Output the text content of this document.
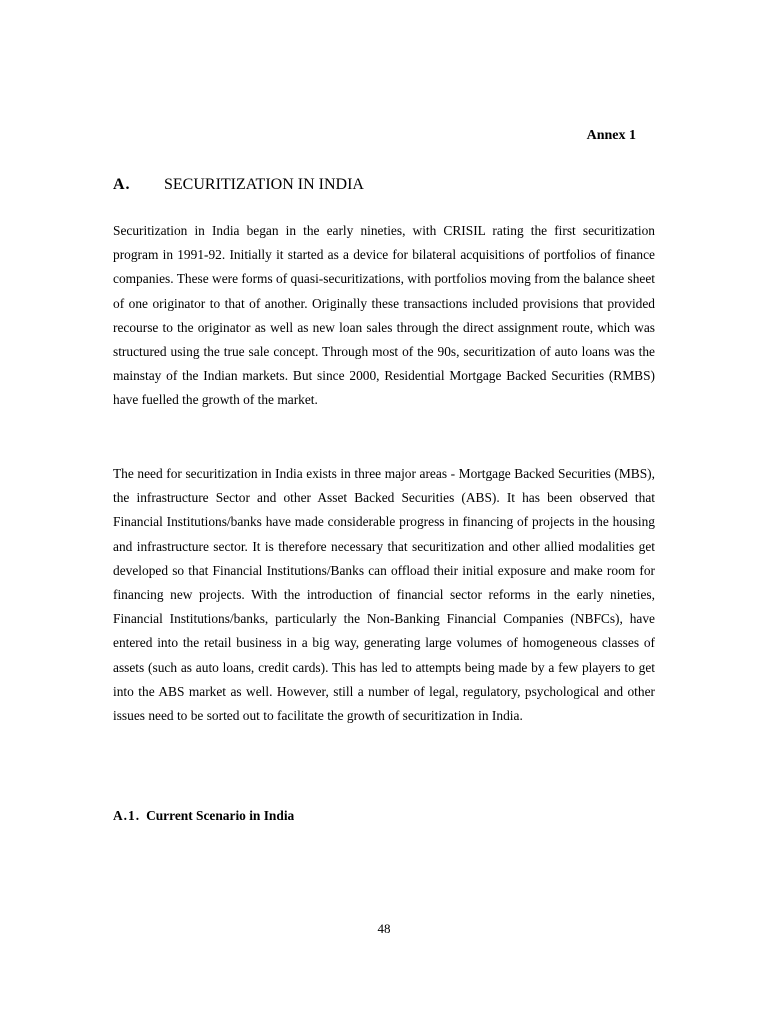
Annex 1

A.	SECURITIZATION IN INDIA

Securitization in India began in the early nineties, with CRISIL rating the first securitization program in 1991-92. Initially it started as a device for bilateral acquisitions of portfolios of finance companies. These were forms of quasi-securitizations, with portfolios moving from the balance sheet of one originator to that of another. Originally these transactions included provisions that provided recourse to the originator as well as new loan sales through the direct assignment route, which was structured using the true sale concept. Through most of the 90s, securitization of auto loans was the mainstay of the Indian markets. But since 2000, Residential Mortgage Backed Securities (RMBS) have fuelled the growth of the market.

The need for securitization in India exists in three major areas - Mortgage Backed Securities (MBS), the infrastructure Sector and other Asset Backed Securities (ABS). It has been observed that Financial Institutions/banks have made considerable progress in financing of projects in the housing and infrastructure sector. It is therefore necessary that securitization and other allied modalities get developed so that Financial Institutions/Banks can offload their initial exposure and make room for financing new projects. With the introduction of financial sector reforms in the early nineties, Financial Institutions/banks, particularly the Non-Banking Financial Companies (NBFCs), have entered into the retail business in a big way, generating large volumes of homogeneous classes of assets (such as auto loans, credit cards). This has led to attempts being made by a few players to get into the ABS market as well. However, still a number of legal, regulatory, psychological and other issues need to be sorted out to facilitate the growth of securitization in India.

A.1. Current Scenario in India

48
